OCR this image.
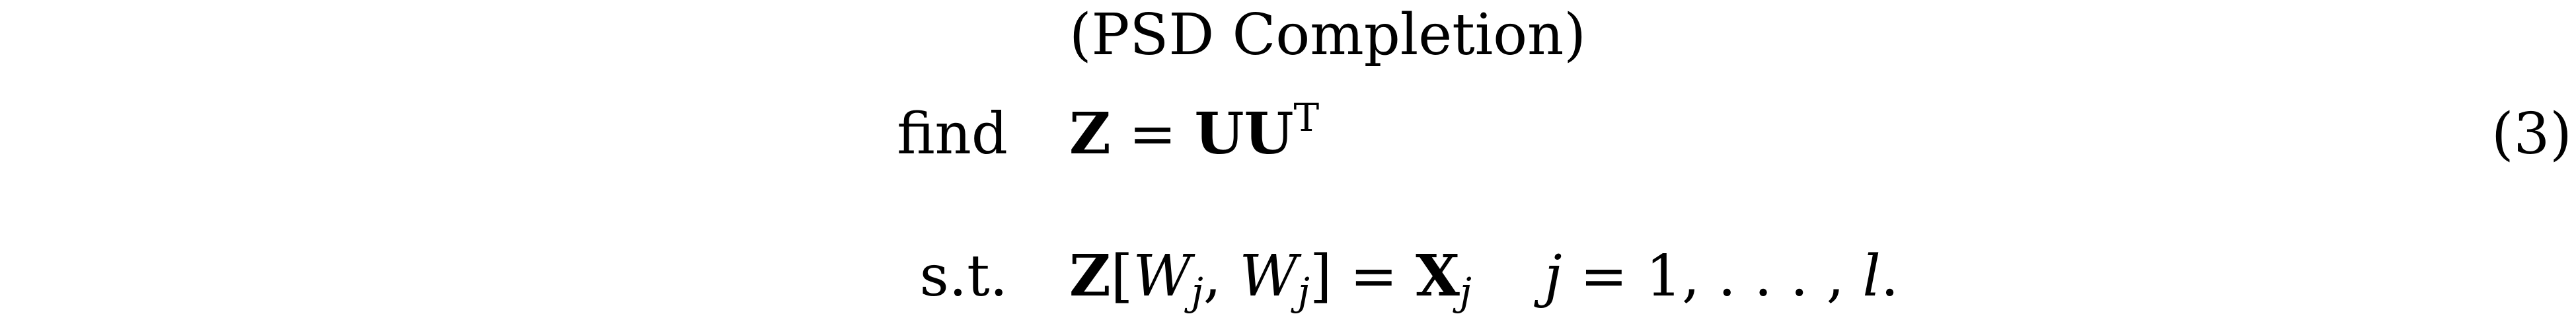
(PSD Completion)
find $Z = UU^T$
s.t. $Z[W_j$, $W_j] = X_j$ j = 1, . . . , l.
(3)
